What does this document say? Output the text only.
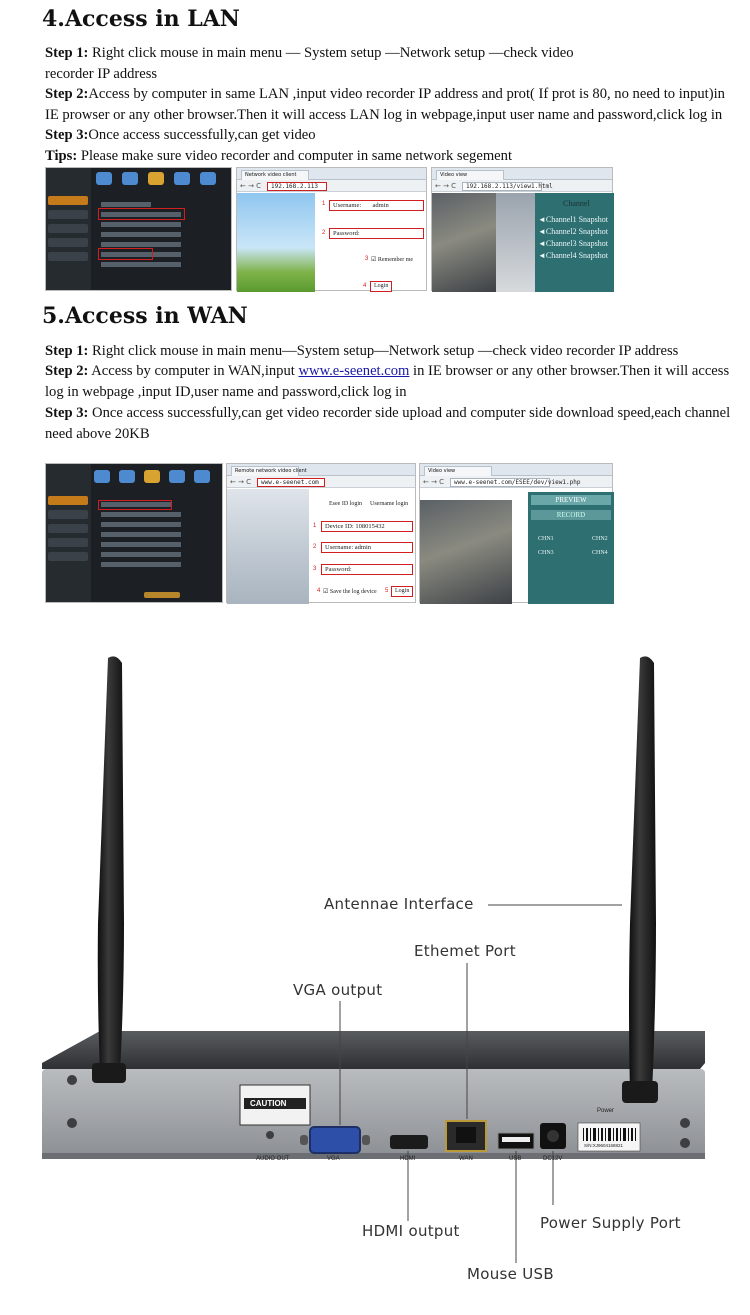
4.Access in LAN
Step 1: Right click mouse in main menu — System setup —Network setup —check video
recorder IP address
Step 2:Access by computer in same LAN ,input video recorder IP address and prot( If prot is 80, no need to input)in
IE prowser or any other browser.Then it will access LAN log in webpage,input user name and password,click log in
Step 3:Once access successfully,can get video
Tips: Please make sure video recorder and computer in same network segement
Network video client
← → C	192.168.2.113
1	Username: admin
2	Password:
3 ☑ Remember me
4	Login
Video view
← → C	192.168.2.113/view1.html
Channel
◄Channel1 Snapshot
◄Channel2 Snapshot
◄Channel3 Snapshot
◄Channel4 Snapshot
5.Access in WAN
Step 1: Right click mouse in main menu—System setup—Network setup —check video recorder IP address
Step 2: Access by computer in WAN,input www.e-seenet.com in IE browser or any other browser.Then it will access
log in webpage ,input ID,user name and password,click log in
Step 3: Once access successfully,can get video recorder side upload and computer side download speed,each channel
need above 20KB
Remote network video client
← → C	www.e-seenet.com
Esee ID login Username login
1	Device ID: 108015432
2	Username: admin
3	Password:
4 ☑ Save the log device 5	Login
Video view
← → C	www.e-seenet.com/ESEE/dev/view1.php
PREVIEW
RECORD
CHN1	CHN2
CHN3	CHN4
CAUTION
AUDIO OUT	VGA	HDMI	WAN	USB	DC12V
Power
S/N:XJ9604168821
Antennae Interface
Ethemet Port
VGA output
HDMI output	Power Supply Port
Mouse USB
